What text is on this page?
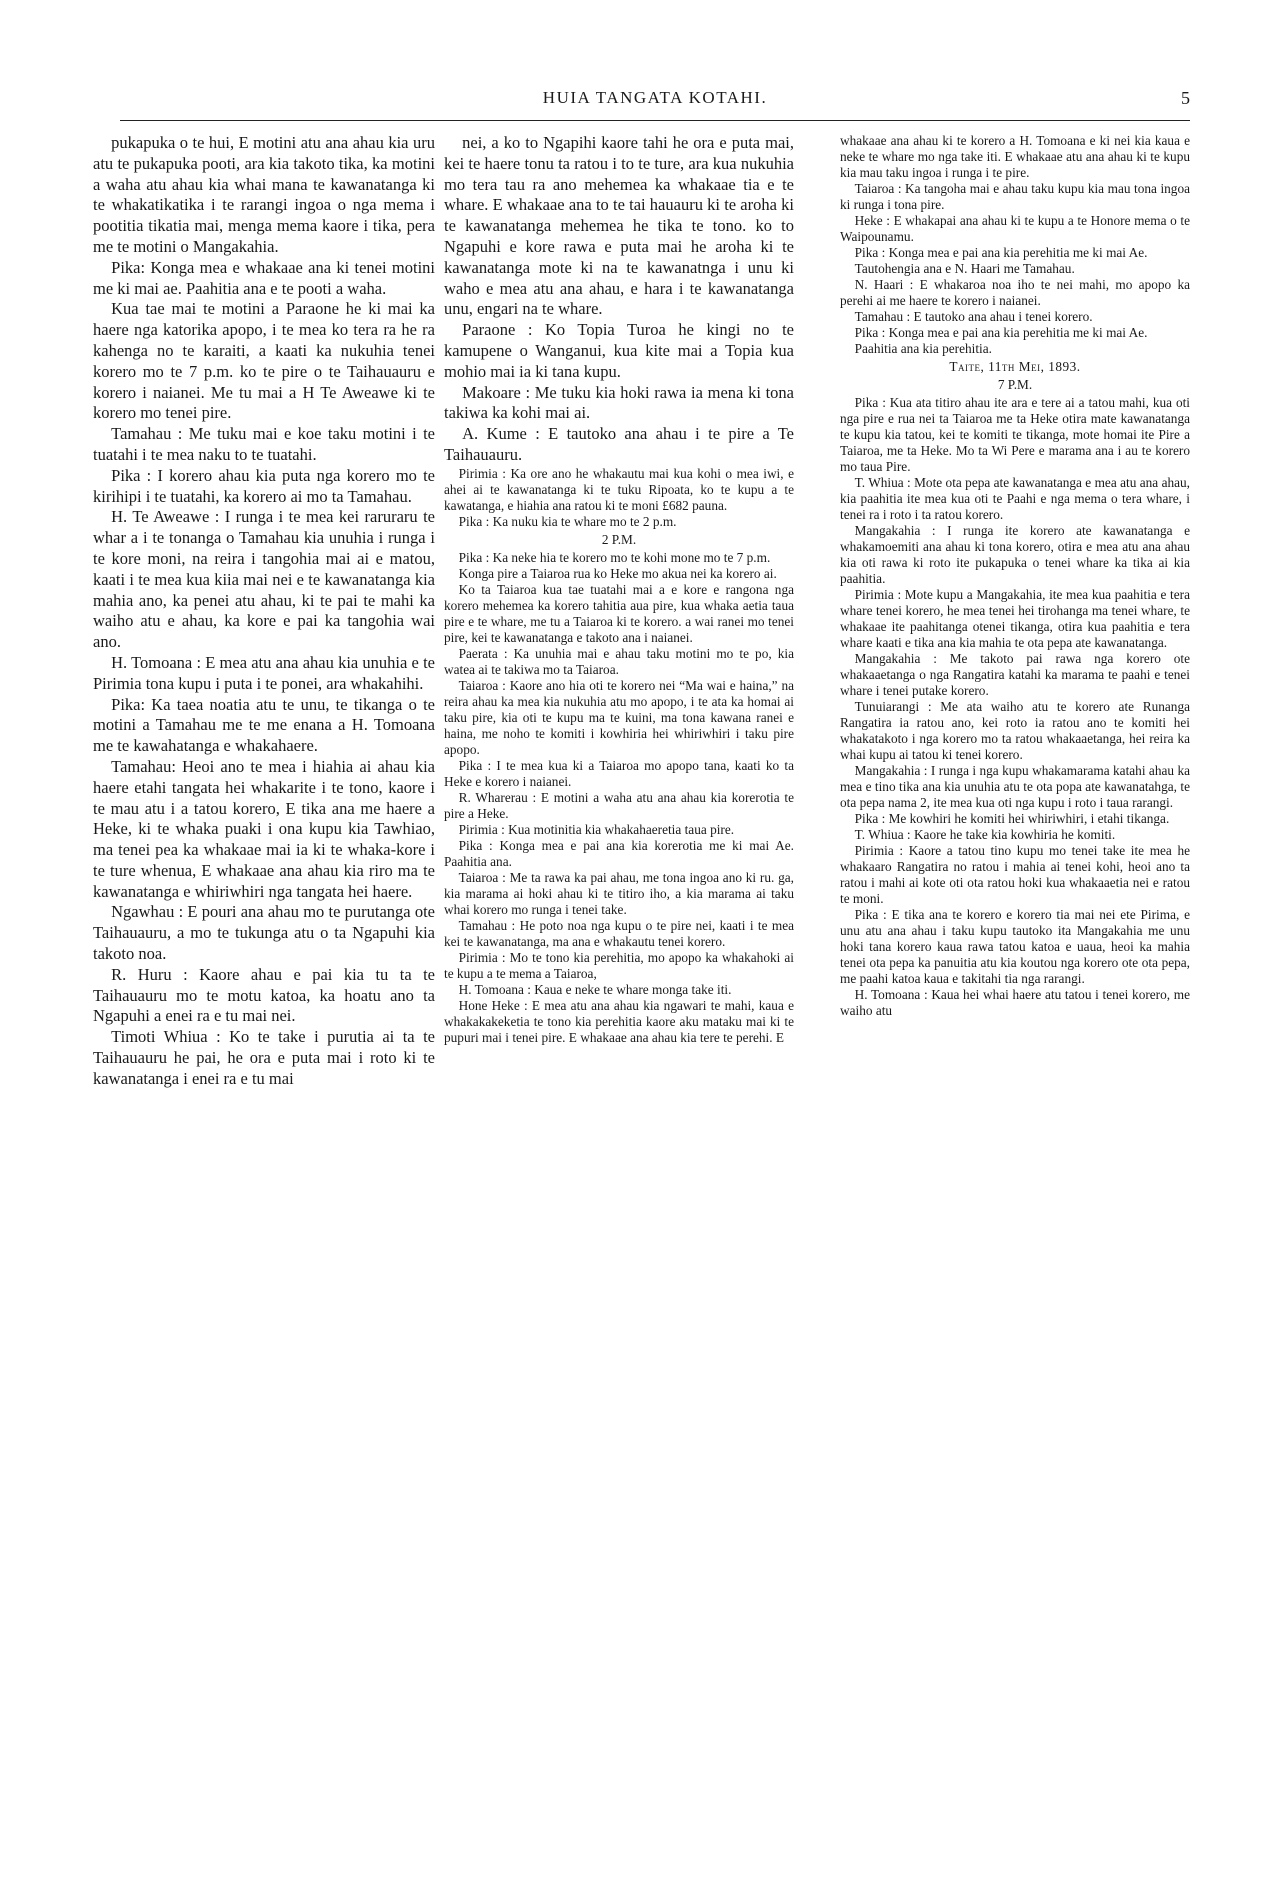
HUIA TANGATA KOTAHI.	5

pukapuka o te hui, E motini atu ana ahau kia uru atu te pukapuka pooti, ara kia takoto tika, ka motini a waha atu ahau kia whai mana te kawanatanga ki te whakatikatika i te rarangi ingoa o nga mema i pootitia tikatia mai, menga mema kaore i tika, pera me te motini o Mangakahia.

Pika: Konga mea e whakaae ana ki tenei motini me ki mai ae. Paahitia ana e te pooti a waha.

Kua tae mai te motini a Paraone he ki mai ka haere nga katorika apopo, i te mea ko tera ra he ra kahenga no te karaiti, a kaati ka nukuhia tenei korero mo te 7 p.m. ko te pire o te Taihauauru e korero i naianei. Me tu mai a H Te Aweawe ki te korero mo tenei pire.

Tamahau : Me tuku mai e koe taku motini i te tuatahi i te mea naku to te tuatahi.

Pika : I korero ahau kia puta nga korero mo te kirihipi i te tuatahi, ka korero ai mo ta Tamahau.

H. Te Aweawe : I runga i te mea kei raruraru te whar a i te tonanga o Tamahau kia unuhia i runga i te kore moni, na reira i tangohia mai ai e matou, kaati i te mea kua kiia mai nei e te kawanatanga kia mahia ano, ka penei atu ahau, ki te pai te mahi ka waiho atu e ahau, ka kore e pai ka tangohia wai ano.

H. Tomoana : E mea atu ana ahau kia unuhia e te Pirimia tona kupu i puta i te ponei, ara whakahihi.

Pika: Ka taea noatia atu te unu, te tikanga o te motini a Tamahau me te me enana a H. Tomoana me te kawahatanga e whakahaere.

Tamahau: Heoi ano te mea i hiahia ai ahau kia haere etahi tangata hei whakarite i te tono, kaore i te mau atu i a tatou korero, E tika ana me haere a Heke, ki te whaka puaki i ona kupu kia Tawhiao, ma tenei pea ka whakaae mai ia ki te whaka-kore i te ture whenua, E whakaae ana ahau kia riro ma te kawanatanga e whiriwhiri nga tangata hei haere.

Ngawhau : E pouri ana ahau mo te purutanga ote Taihauauru, a mo te tukunga atu o ta Ngapuhi kia takoto noa.

R. Huru : Kaore ahau e pai kia tu ta te Taihauauru mo te motu katoa, ka hoatu ano ta Ngapuhi a enei ra e tu mai nei.

Timoti Whiua : Ko te take i purutia ai ta te Taihauauru he pai, he ora e puta mai i roto ki te kawanatanga i enei ra e tu mai

nei, a ko to Ngapihi kaore tahi he ora e puta mai, kei te haere tonu ta ratou i to te ture, ara kua nukuhia mo tera tau ra ano mehemea ka whakaae tia e te whare. E whakaae ana to te tai hauauru ki te aroha ki te kawanatanga mehemea he tika te tono. ko to Ngapuhi e kore rawa e puta mai he aroha ki te kawanatanga mote ki na te kawanatnga i unu ki waho e mea atu ana ahau, e hara i te kawanatanga unu, engari na te whare.

Paraone : Ko Topia Turoa he kingi no te kamupene o Wanganui, kua kite mai a Topia kua mohio mai ia ki tana kupu.

Makoare : Me tuku kia hoki rawa ia mena ki tona takiwa ka kohi mai ai.

A. Kume : E tautoko ana ahau i te pire a Te Taihauauru.

Pirimia : Ka ore ano he whakautu mai kua kohi o mea iwi, e ahei ai te kawanatanga ki te tuku Ripoata, ko te kupu a te kawatanga, e hiahia ana ratou ki te moni £682 pauna.

Pika : Ka nuku kia te whare mo te 2 p.m.

2 P.M.

Pika : Ka neke hia te korero mo te kohi mone mo te 7 p.m.

Konga pire a Taiaroa rua ko Heke mo akua nei ka korero ai.

Ko ta Taiaroa kua tae tuatahi mai a e kore e rangona nga korero mehemea ka korero tahitia aua pire, kua whaka aetia taua pire e te whare, me tu a Taiaroa ki te korero. a wai ranei mo tenei pire, kei te kawanatanga e takoto ana i naianei.

Paerata : Ka unuhia mai e ahau taku motini mo te po, kia watea ai te takiwa mo ta Taiaroa.

Taiaroa : Kaore ano hia oti te korero nei “Ma wai e haina,” na reira ahau ka mea kia nukuhia atu mo apopo, i te ata ka homai ai taku pire, kia oti te kupu ma te kuini, ma tona kawana ranei e haina, me noho te komiti i kowhiria hei whiriwhiri i taku pire apopo.

Pika : I te mea kua ki a Taiaroa mo apopo tana, kaati ko ta Heke e korero i naianei.

R. Wharerau : E motini a waha atu ana ahau kia korerotia te pire a Heke.

Pirimia : Kua motinitia kia whakahaeretia taua pire.

Pika : Konga mea e pai ana kia korerotia me ki mai Ae. Paahitia ana.

Taiaroa : Me ta rawa ka pai ahau, me tona ingoa ano ki ru. ga, kia marama ai hoki ahau ki te titiro iho, a kia marama ai taku whai korero mo runga i tenei take.

Tamahau : He poto noa nga kupu o te pire nei, kaati i te mea kei te kawanatanga, ma ana e whakautu tenei korero.

Pirimia : Mo te tono kia perehitia, mo apopo ka whakahoki ai te kupu a te mema a Taiaroa,

H. Tomoana : Kaua e neke te whare monga take iti.

Hone Heke : E mea atu ana ahau kia ngawari te mahi, kaua e whakakakeketia te tono kia perehitia kaore aku mataku mai ki te pupuri mai i tenei pire. E whakaae ana ahau kia tere te perehi. E

whakaae ana ahau ki te korero a H. Tomoana e ki nei kia kaua e neke te whare mo nga take iti. E whakaae atu ana ahau ki te kupu kia mau taku ingoa i runga i te pire.

Taiaroa : Ka tangoha mai e ahau taku kupu kia mau tona ingoa ki runga i tona pire.

Heke : E whakapai ana ahau ki te kupu a te Honore mema o te Waipounamu.

Pika : Konga mea e pai ana kia perehitia me ki mai Ae.

Tautohengia ana e N. Haari me Tamahau.

N. Haari : E whakaroa noa iho te nei mahi, mo apopo ka perehi ai me haere te korero i naianei.

Tamahau : E tautoko ana ahau i tenei korero.

Pika : Konga mea e pai ana kia perehitia me ki mai Ae.

Paahitia ana kia perehitia.

Taite, 11th Mei, 1893.

7 P.M.

Pika : Kua ata titiro ahau ite ara e tere ai a tatou mahi, kua oti nga pire e rua nei ta Taiaroa me ta Heke otira mate kawanatanga te kupu kia tatou, kei te komiti te tikanga, mote homai ite Pire a Taiaroa, me ta Heke. Mo ta Wi Pere e marama ana i au te korero mo taua Pire.

T. Whiua : Mote ota pepa ate kawanatanga e mea atu ana ahau, kia paahitia ite mea kua oti te Paahi e nga mema o tera whare, i tenei ra i roto i ta ratou korero.

Mangakahia : I runga ite korero ate kawanatanga e whakamoemiti ana ahau ki tona korero, otira e mea atu ana ahau kia oti rawa ki roto ite pukapuka o tenei whare ka tika ai kia paahitia.

Pirimia : Mote kupu a Mangakahia, ite mea kua paahitia e tera whare tenei korero, he mea tenei hei tirohanga ma tenei whare, te whakaae ite paahitanga otenei tikanga, otira kua paahitia e tera whare kaati e tika ana kia mahia te ota pepa ate kawanatanga.

Mangakahia : Me takoto pai rawa nga korero ote whakaaetanga o nga Rangatira katahi ka marama te paahi e tenei whare i tenei putake korero.

Tunuiarangi : Me ata waiho atu te korero ate Runanga Rangatira ia ratou ano, kei roto ia ratou ano te komiti hei whakatakoto i nga korero mo ta ratou whakaaetanga, hei reira ka whai kupu ai tatou ki tenei korero.

Mangakahia : I runga i nga kupu whakamarama katahi ahau ka mea e tino tika ana kia unuhia atu te ota popa ate kawanatahga, te ota pepa nama 2, ite mea kua oti nga kupu i roto i taua rarangi.

Pika : Me kowhiri he komiti hei whiriwhiri, i etahi tikanga.

T. Whiua : Kaore he take kia kowhiria he komiti.

Pirimia : Kaore a tatou tino kupu mo tenei take ite mea he whakaaro Rangatira no ratou i mahia ai tenei kohi, heoi ano ta ratou i mahi ai kote oti ota ratou hoki kua whakaaetia nei e ratou te moni.

Pika : E tika ana te korero e korero tia mai nei ete Pirima, e unu atu ana ahau i taku kupu tautoko ita Mangakahia me unu hoki tana korero kaua rawa tatou katoa e uaua, heoi ka mahia tenei ota pepa ka panuitia atu kia koutou nga korero ote ota pepa, me paahi katoa kaua e takitahi tia nga rarangi.

H. Tomoana : Kaua hei whai haere atu tatou i tenei korero, me waiho atu
